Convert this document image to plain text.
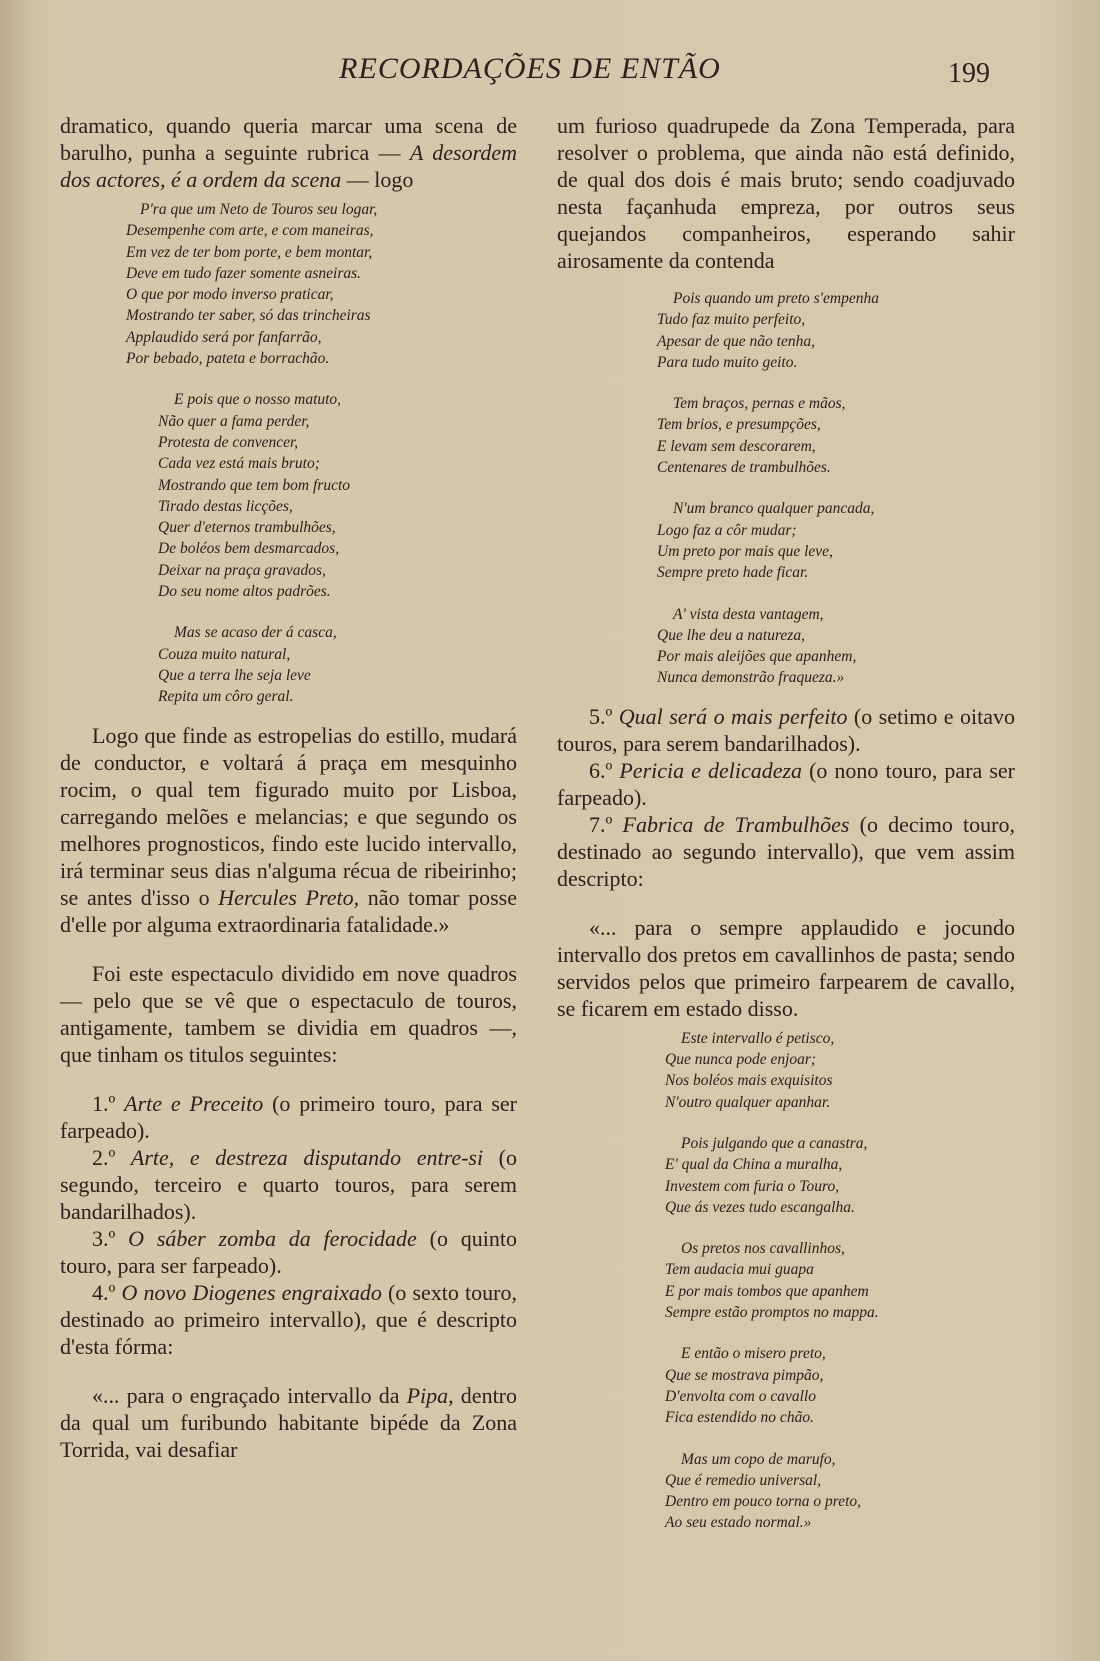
RECORDAÇÕES DE ENTÃO	199

dramatico, quando queria marcar uma scena de barulho, punha a seguinte rubrica — A desordem dos actores, é a ordem da scena — logo

P'ra que um Neto de Touros seu logar,
Desempenhe com arte, e com maneiras,
Em vez de ter bom porte, e bem montar,
Deve em tudo fazer somente asneiras.
O que por modo inverso praticar,
Mostrando ter saber, só das trincheiras
Applaudido será por fanfarrão,
Por bebado, pateta e borrachão.
E pois que o nosso matuto,
Não quer a fama perder,
Protesta de convencer,
Cada vez está mais bruto;
Mostrando que tem bom fructo
Tirado destas licções,
Quer d'eternos trambulhões,
De boléos bem desmarcados,
Deixar na praça gravados,
Do seu nome altos padrões.
Mas se acaso der á casca,
Couza muito natural,
Que a terra lhe seja leve
Repita um côro geral.

Logo que finde as estropelias do estillo, mudará de conductor, e voltará á praça em mesquinho rocim, o qual tem figurado muito por Lisboa, carregando melões e melancias; e que segundo os melhores prognosticos, findo este lucido intervallo, irá terminar seus dias n'alguma récua de ribeirinho; se antes d'isso o Hercules Preto, não tomar posse d'elle por alguma extraordinaria fatalidade.»

Foi este espectaculo dividido em nove quadros — pelo que se vê que o espectaculo de touros, antigamente, tambem se dividia em quadros —, que tinham os titulos seguintes:

1.º Arte e Preceito (o primeiro touro, para ser farpeado).

2.º Arte, e destreza disputando entre-si (o segundo, terceiro e quarto touros, para serem bandarilhados).

3.º O sáber zomba da ferocidade (o quinto touro, para ser farpeado).

4.º O novo Diogenes engraixado (o sexto touro, destinado ao primeiro intervallo), que é descripto d'esta fórma:

«... para o engraçado intervallo da Pipa, dentro da qual um furibundo habitante bipéde da Zona Torrida, vai desafiar

um furioso quadrupede da Zona Temperada, para resolver o problema, que ainda não está definido, de qual dos dois é mais bruto; sendo coadjuvado nesta façanhuda empreza, por outros seus quejandos companheiros, esperando sahir airosamente da contenda

Pois quando um preto s'empenha
Tudo faz muito perfeito,
Apesar de que não tenha,
Para tudo muito geito.
Tem braços, pernas e mãos,
Tem brios, e presumpções,
E levam sem descorarem,
Centenares de trambulhões.
N'um branco qualquer pancada,
Logo faz a côr mudar;
Um preto por mais que leve,
Sempre preto hade ficar.
A' vista desta vantagem,
Que lhe deu a natureza,
Por mais aleijões que apanhem,
Nunca demonstrão fraqueza.»

5.º Qual será o mais perfeito (o setimo e oitavo touros, para serem bandarilhados).

6.º Pericia e delicadeza (o nono touro, para ser farpeado).

7.º Fabrica de Trambulhões (o decimo touro, destinado ao segundo intervallo), que vem assim descripto:

«... para o sempre applaudido e jocundo intervallo dos pretos em cavallinhos de pasta; sendo servidos pelos que primeiro farpearem de cavallo, se ficarem em estado disso.

Este intervallo é petisco,
Que nunca pode enjoar;
Nos boléos mais exquisitos
N'outro qualquer apanhar.
Pois julgando que a canastra,
E' qual da China a muralha,
Investem com furia o Touro,
Que ás vezes tudo escangalha.
Os pretos nos cavallinhos,
Tem audacia mui guapa
E por mais tombos que apanhem
Sempre estão promptos no mappa.
E então o misero preto,
Que se mostrava pimpão,
D'envolta com o cavallo
Fica estendido no chão.
Mas um copo de marufo,
Que é remedio universal,
Dentro em pouco torna o preto,
Ao seu estado normal.»
